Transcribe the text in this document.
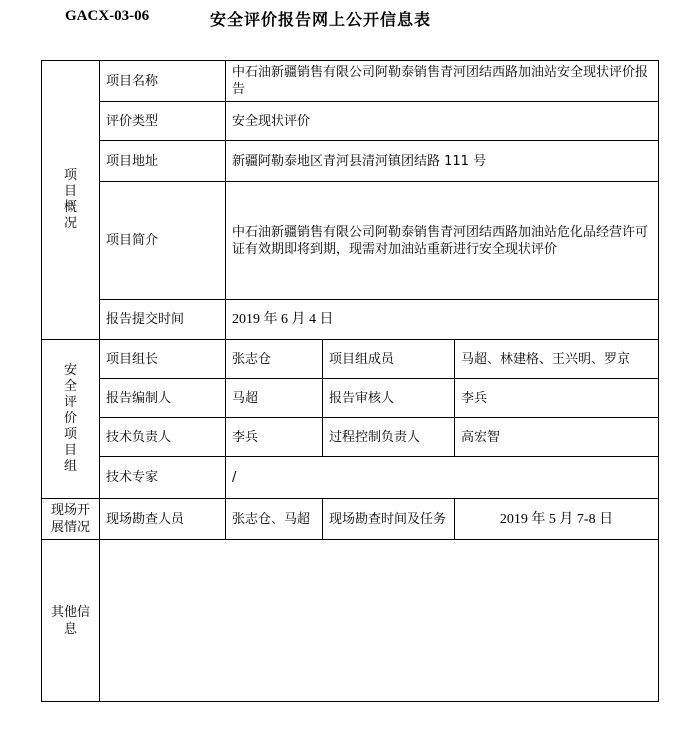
GACX-03-06	安全评价报告网上公开信息表
项目概况	项目名称	中石油新疆销售有限公司阿勒泰销售青河团结西路加油站安全现状评价报告		
	评价类型	安全现状评价		
	项目地址	新疆阿勒泰地区青河县清河镇团结路 111 号		
	项目简介	中石油新疆销售有限公司阿勒泰销售青河团结西路加油站危化品经营许可证有效期即将到期，现需对加油站重新进行安全现状评价		
	报告提交时间	2019 年 6 月 4 日		
安全评价项目组	项目组长	张志仓	项目组成员	马超、林建格、王兴明、罗京
	报告编制人	马超	报告审核人	李兵
	技术负责人	李兵	过程控制负责人	高宏智
	技术专家	/		
现场开展情况	现场勘查人员	张志仓、马超	现场勘查时间及任务	2019 年 5 月 7-8 日
其他信息				
